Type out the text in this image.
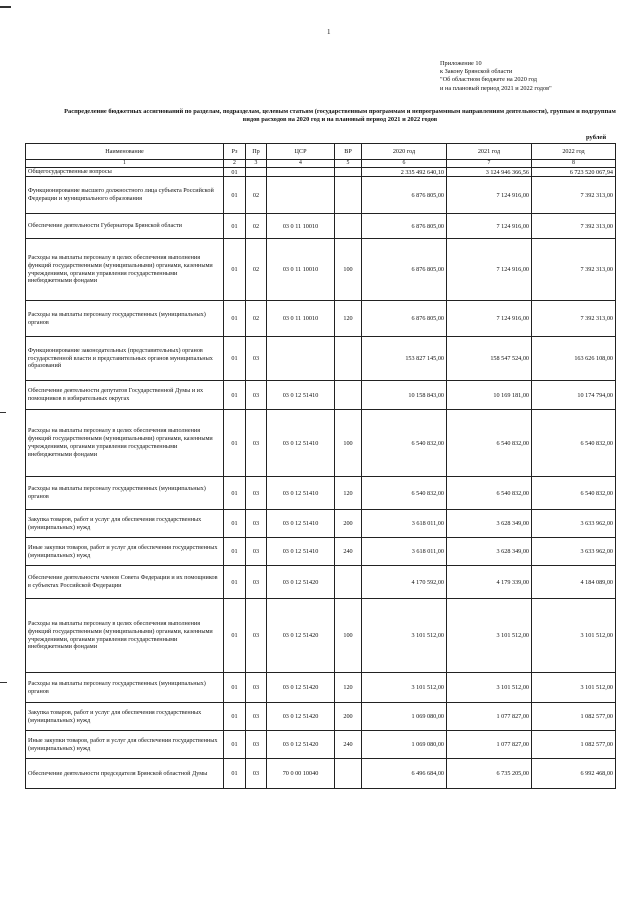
1
Приложение 10
к Закону Брянской области
"Об областном бюджете на 2020 год
и на плановый период 2021 и 2022 годов"
Распределение бюджетных ассигнований по разделам, подразделам, целевым статьям (государственным программам и непрограммным направлениям деятельности), группам и подгруппам видов расходов на 2020 год и на плановый период 2021 и 2022 годов
рублей
Наименование	Рз	Пр	ЦСР	ВР	2020 год	2021 год	2022 год
1	2	3	4	5	6	7	8
Общегосударственные вопросы	01				2 335 492 640,10	3 124 946 366,56	6 723 520 067,94
Функционирование высшего должностного лица субъекта Российской Федерации и муниципального образования	01	02			6 876 805,00	7 124 916,00	7 392 313,00
Обеспечение деятельности Губернатора Брянской области	01	02	03 0 11 10010		6 876 805,00	7 124 916,00	7 392 313,00
Расходы на выплаты персоналу в целях обеспечения выполнения функций государственными (муниципальными) органами, казенными учреждениями, органами управления государственными внебюджетными фондами	01	02	03 0 11 10010	100	6 876 805,00	7 124 916,00	7 392 313,00
Расходы на выплаты персоналу государственных (муниципальных) органов	01	02	03 0 11 10010	120	6 876 805,00	7 124 916,00	7 392 313,00
Функционирование законодательных (представительных) органов государственной власти и представительных органов муниципальных образований	01	03			153 827 145,00	158 547 524,00	163 626 108,00
Обеспечение деятельности депутатов Государственной Думы и их помощников в избирательных округах	01	03	03 0 12 51410		10 158 843,00	10 169 181,00	10 174 794,00
Расходы на выплаты персоналу в целях обеспечения выполнения функций государственными (муниципальными) органами, казенными учреждениями, органами управления государственными внебюджетными фондами	01	03	03 0 12 51410	100	6 540 832,00	6 540 832,00	6 540 832,00
Расходы на выплаты персоналу государственных (муниципальных) органов	01	03	03 0 12 51410	120	6 540 832,00	6 540 832,00	6 540 832,00
Закупка товаров, работ и услуг для обеспечения государственных (муниципальных) нужд	01	03	03 0 12 51410	200	3 618 011,00	3 628 349,00	3 633 962,00
Иные закупки товаров, работ и услуг для обеспечения государственных (муниципальных) нужд	01	03	03 0 12 51410	240	3 618 011,00	3 628 349,00	3 633 962,00
Обеспечение деятельности членов Совета Федерации и их помощников в субъектах Российской Федерации	01	03	03 0 12 51420		4 170 592,00	4 179 339,00	4 184 089,00
Расходы на выплаты персоналу в целях обеспечения выполнения функций государственными (муниципальными) органами, казенными учреждениями, органами управления государственными внебюджетными фондами	01	03	03 0 12 51420	100	3 101 512,00	3 101 512,00	3 101 512,00
Расходы на выплаты персоналу государственных (муниципальных) органов	01	03	03 0 12 51420	120	3 101 512,00	3 101 512,00	3 101 512,00
Закупка товаров, работ и услуг для обеспечения государственных (муниципальных) нужд	01	03	03 0 12 51420	200	1 069 080,00	1 077 827,00	1 082 577,00
Иные закупки товаров, работ и услуг для обеспечения государственных (муниципальных) нужд	01	03	03 0 12 51420	240	1 069 080,00	1 077 827,00	1 082 577,00
Обеспечение деятельности председателя Брянской областной Думы	01	03	70 0 00 10040		6 496 684,00	6 735 205,00	6 992 468,00
